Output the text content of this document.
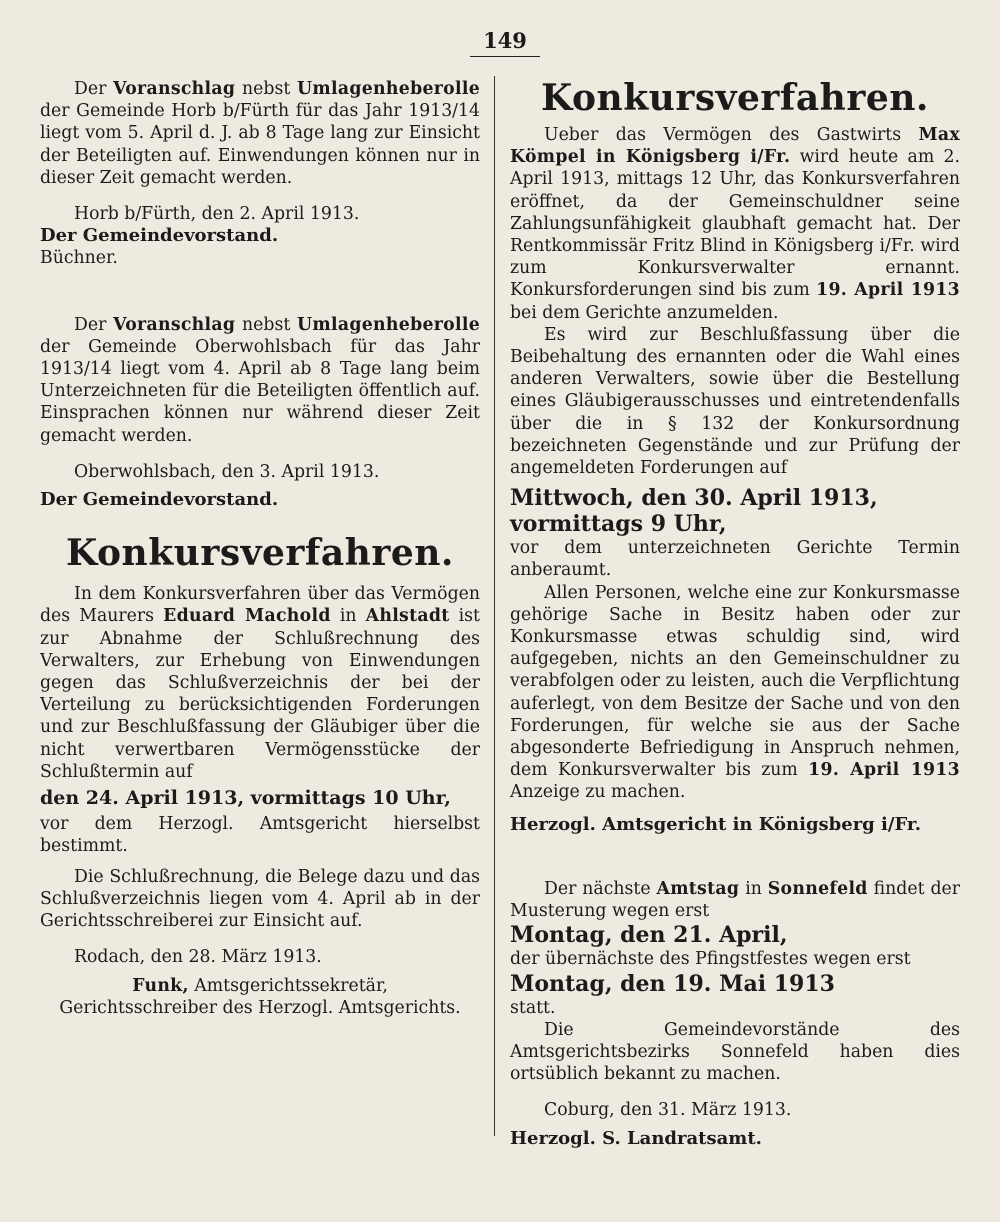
149

Der Voranschlag nebst Umlagenheberolle der Gemeinde Horb b/Fürth für das Jahr 1913/14 liegt vom 5. April d. J. ab 8 Tage lang zur Einsicht der Beteiligten auf. Einwendungen können nur in dieser Zeit gemacht werden.

Horb b/Fürth, den 2. April 1913.

Der Gemeindevorstand.

Büchner.

Der Voranschlag nebst Umlagenheberolle der Gemeinde Oberwohlsbach für das Jahr 1913/14 liegt vom 4. April ab 8 Tage lang beim Unterzeichneten für die Beteiligten öffentlich auf. Einsprachen können nur während dieser Zeit gemacht werden.

Oberwohlsbach, den 3. April 1913.

Der Gemeindevorstand.

Konkursverfahren.

In dem Konkursverfahren über das Vermögen des Maurers Eduard Machold in Ahlstadt ist zur Abnahme der Schlußrechnung des Verwalters, zur Erhebung von Einwendungen gegen das Schlußverzeichnis der bei der Verteilung zu berücksichtigenden Forderungen und zur Beschlußfassung der Gläubiger über die nicht verwertbaren Vermögensstücke der Schlußtermin auf

den 24. April 1913, vormittags 10 Uhr,

vor dem Herzogl. Amtsgericht hierselbst bestimmt.

Die Schlußrechnung, die Belege dazu und das Schlußverzeichnis liegen vom 4. April ab in der Gerichtsschreiberei zur Einsicht auf.

Rodach, den 28. März 1913.

Funk, Amtsgerichtssekretär,

Gerichtsschreiber des Herzogl. Amtsgerichts.

Konkursverfahren.

Ueber das Vermögen des Gastwirts Max Kömpel in Königsberg i/Fr. wird heute am 2. April 1913, mittags 12 Uhr, das Konkursverfahren eröffnet, da der Gemeinschuldner seine Zahlungsunfähigkeit glaubhaft gemacht hat. Der Rentkommissär Fritz Blind in Königsberg i/Fr. wird zum Konkursverwalter ernannt. Konkursforderungen sind bis zum 19. April 1913 bei dem Gerichte anzumelden.

Es wird zur Beschlußfassung über die Beibehaltung des ernannten oder die Wahl eines anderen Verwalters, sowie über die Bestellung eines Gläubigerausschusses und eintretendenfalls über die in § 132 der Konkursordnung bezeichneten Gegenstände und zur Prüfung der angemeldeten Forderungen auf

Mittwoch, den 30. April 1913,

vormittags 9 Uhr,

vor dem unterzeichneten Gerichte Termin anberaumt.

Allen Personen, welche eine zur Konkursmasse gehörige Sache in Besitz haben oder zur Konkursmasse etwas schuldig sind, wird aufgegeben, nichts an den Gemeinschuldner zu verabfolgen oder zu leisten, auch die Verpflichtung auferlegt, von dem Besitze der Sache und von den Forderungen, für welche sie aus der Sache abgesonderte Befriedigung in Anspruch nehmen, dem Konkursverwalter bis zum 19. April 1913 Anzeige zu machen.

Herzogl. Amtsgericht in Königsberg i/Fr.

Der nächste Amtstag in Sonnefeld findet der Musterung wegen erst

Montag, den 21. April,

der übernächste des Pfingstfestes wegen erst

Montag, den 19. Mai 1913

statt.

Die Gemeindevorstände des Amtsgerichtsbezirks Sonnefeld haben dies ortsüblich bekannt zu machen.

Coburg, den 31. März 1913.

Herzogl. S. Landratsamt.
